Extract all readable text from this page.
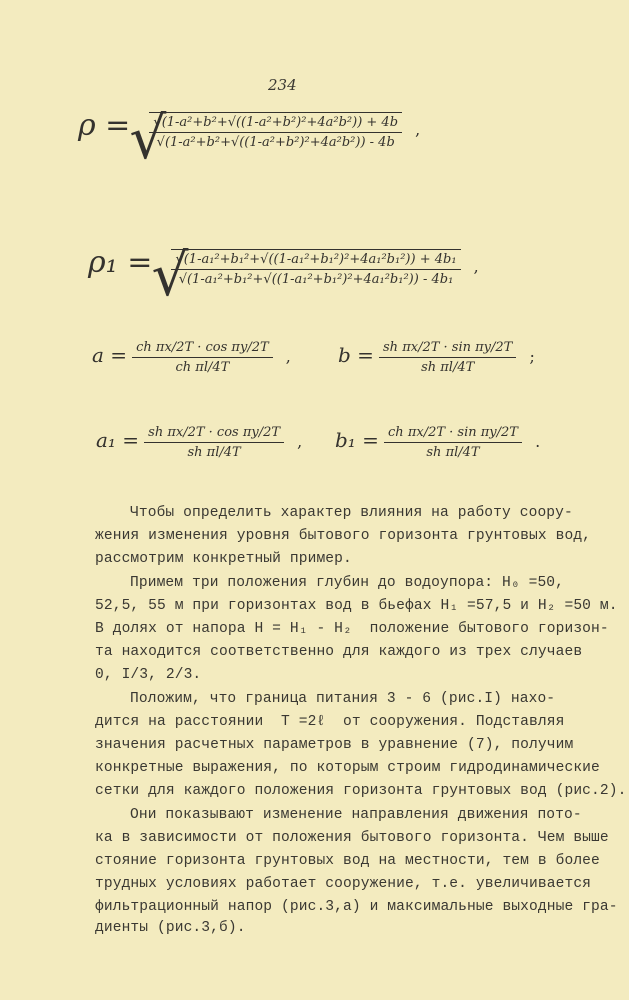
234
ρ = √ $\frac{\text{√(1-a²+b²+√((1-a²+b²)²+4a²b²)) + 4b}}{\text{√(1-a²+b²+√((1-a²+b²)²+4a²b²)) - 4b}}$ ,
ρ₁ = √ $\frac{\text{√(1-a₁²+b₁²+√((1-a₁²+b₁²)²+4a₁²b₁²)) + 4b₁}}{\text{√(1-a₁²+b₁²+√((1-a₁²+b₁²)²+4a₁²b₁²)) - 4b₁}}$ ,
$a = \frac{\text{ch πx/2T · cos πy/2T}}{\text{ch πl/4T}}$ , $b = \frac{\text{sh πx/2T · sin πy/2T}}{\text{sh πl/4T}}$ ;
$a_1 = \frac{\text{sh πx/2T · cos πy/2T}}{\text{sh πl/4T}}$ , $b_1 = \frac{\text{ch πx/2T · sin πy/2T}}{\text{sh πl/4T}}$ .
Чтобы определить характер влияния на работу соору-
жения изменения уровня бытового горизонта грунтовых вод,
рассмотрим конкретный пример.
Примем три положения глубин до водоупора: H₀ =50,
52,5, 55 м при горизонтах вод в бьефах H₁ =57,5 и H₂ =50 м.
В долях от напора Н = Н₁ - Н₂  положение бытового горизон-
та находится соответственно для каждого из трех случаев
0, I/3, 2/3.
Положим, что граница питания 3 - 6 (рис.I) нахо-
дится на расстоянии  T =2ℓ  от сооружения. Подставляя
значения расчетных параметров в уравнение (7), получим
конкретные выражения, по которым строим гидродинамические
сетки для каждого положения горизонта грунтовых вод (рис.2).
Они показывают изменение направления движения пото-
ка в зависимости от положения бытового горизонта. Чем выше
стояние горизонта грунтовых вод на местности, тем в более
трудных условиях работает сооружение, т.е. увеличивается
фильтрационный напор (рис.3,а) и максимальные выходные гра-
диенты (рис.3,б).
